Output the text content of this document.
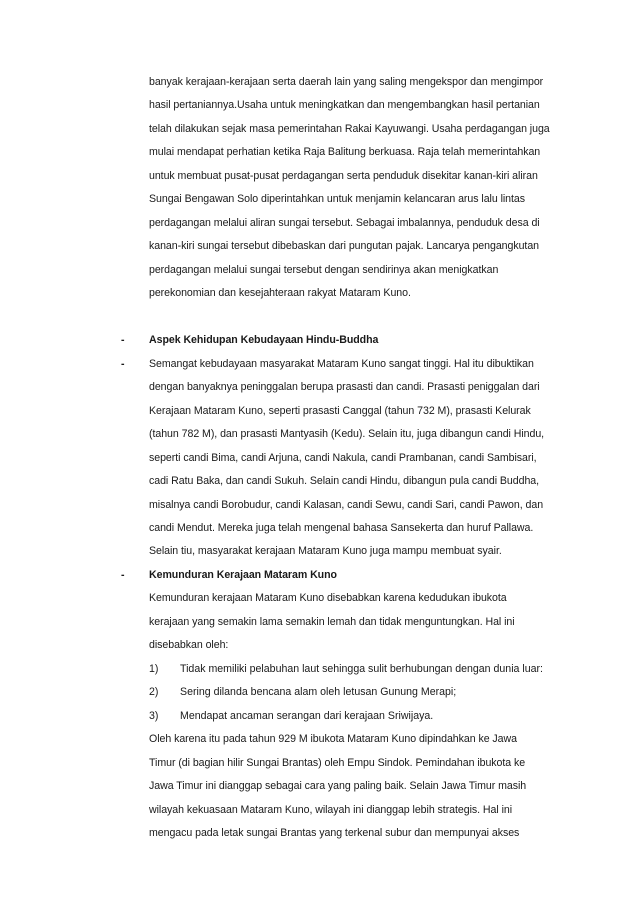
banyak kerajaan-kerajaan serta daerah lain yang saling mengekspor dan mengimpor
hasil pertaniannya.Usaha untuk meningkatkan dan mengembangkan hasil pertanian
telah dilakukan sejak masa pemerintahan Rakai Kayuwangi. Usaha perdagangan juga
mulai mendapat perhatian ketika Raja Balitung berkuasa. Raja telah memerintahkan
untuk membuat pusat-pusat perdagangan serta penduduk disekitar kanan-kiri aliran
Sungai Bengawan Solo diperintahkan untuk menjamin kelancaran arus lalu lintas
perdagangan melalui aliran sungai tersebut. Sebagai imbalannya, penduduk desa di
kanan-kiri sungai tersebut dibebaskan dari pungutan pajak. Lancarya pengangkutan
perdagangan melalui sungai tersebut dengan sendirinya akan menigkatkan
perekonomian dan kesejahteraan rakyat Mataram Kuno.
- Aspek Kehidupan Kebudayaan Hindu-Buddha
- Semangat kebudayaan masyarakat Mataram Kuno sangat tinggi. Hal itu dibuktikan
dengan banyaknya peninggalan berupa prasasti dan candi. Prasasti peniggalan dari
Kerajaan Mataram Kuno, seperti prasasti Canggal (tahun 732 M), prasasti Kelurak
(tahun 782 M), dan prasasti Mantyasih (Kedu). Selain itu, juga dibangun candi Hindu,
seperti candi Bima, candi Arjuna, candi Nakula, candi Prambanan, candi Sambisari,
cadi Ratu Baka, dan candi Sukuh. Selain candi Hindu, dibangun pula candi Buddha,
misalnya candi Borobudur, candi Kalasan, candi Sewu, candi Sari, candi Pawon, dan
candi Mendut. Mereka juga telah mengenal bahasa Sansekerta dan huruf Pallawa.
Selain tiu, masyarakat kerajaan Mataram Kuno juga mampu membuat syair.
- Kemunduran Kerajaan Mataram Kuno
Kemunduran kerajaan Mataram Kuno disebabkan karena kedudukan ibukota
kerajaan yang semakin lama semakin lemah dan tidak menguntungkan. Hal ini
disebabkan oleh:
1) Tidak memiliki pelabuhan laut sehingga sulit berhubungan dengan dunia luar:
2) Sering dilanda bencana alam oleh letusan Gunung Merapi;
3) Mendapat ancaman serangan dari kerajaan Sriwijaya.
Oleh karena itu pada tahun 929 M ibukota Mataram Kuno dipindahkan ke Jawa
Timur (di bagian hilir Sungai Brantas) oleh Empu Sindok. Pemindahan ibukota ke
Jawa Timur ini dianggap sebagai cara yang paling baik. Selain Jawa Timur masih
wilayah kekuasaan Mataram Kuno, wilayah ini dianggap lebih strategis. Hal ini
mengacu pada letak sungai Brantas yang terkenal subur dan mempunyai akses
